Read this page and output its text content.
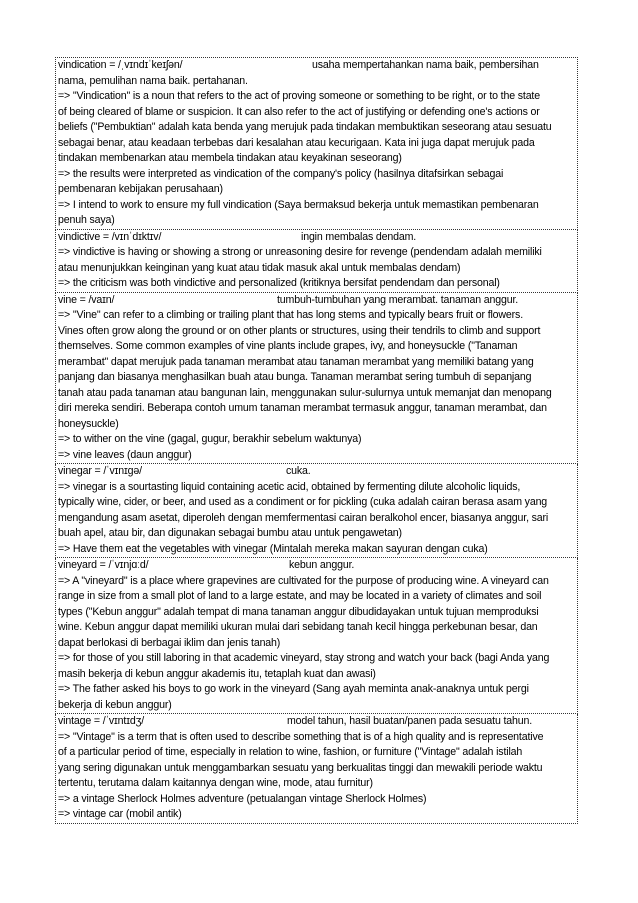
vindication = /ˌvɪndɪˈkeɪʃən/	usaha mempertahankan nama baik, pembersihan
nama, pemulihan nama baik. pertahanan.
=> "Vindication" is a noun that refers to the act of proving someone or something to be right, or to the state
of being cleared of blame or suspicion. It can also refer to the act of justifying or defending one's actions or
beliefs ("Pembuktian" adalah kata benda yang merujuk pada tindakan membuktikan seseorang atau sesuatu
sebagai benar, atau keadaan terbebas dari kesalahan atau kecurigaan. Kata ini juga dapat merujuk pada
tindakan membenarkan atau membela tindakan atau keyakinan seseorang)
=> the results were interpreted as vindication of the company's policy (hasilnya ditafsirkan sebagai
pembenaran kebijakan perusahaan)
=> I intend to work to ensure my full vindication (Saya bermaksud bekerja untuk memastikan pembenaran
penuh saya)
vindictive = /vɪnˈdɪktɪv/	ingin membalas dendam.
=> vindictive is having or showing a strong or unreasoning desire for revenge (pendendam adalah memiliki
atau menunjukkan keinginan yang kuat atau tidak masuk akal untuk membalas dendam)
=> the criticism was both vindictive and personalized (kritiknya bersifat pendendam dan personal)
vine = /vaɪn/	tumbuh-tumbuhan yang merambat. tanaman anggur.
=> "Vine" can refer to a climbing or trailing plant that has long stems and typically bears fruit or flowers.
Vines often grow along the ground or on other plants or structures, using their tendrils to climb and support
themselves. Some common examples of vine plants include grapes, ivy, and honeysuckle ("Tanaman
merambat" dapat merujuk pada tanaman merambat atau tanaman merambat yang memiliki batang yang
panjang dan biasanya menghasilkan buah atau bunga. Tanaman merambat sering tumbuh di sepanjang
tanah atau pada tanaman atau bangunan lain, menggunakan sulur-sulurnya untuk memanjat dan menopang
diri mereka sendiri. Beberapa contoh umum tanaman merambat termasuk anggur, tanaman merambat, dan
honeysuckle)
=> to wither on the vine (gagal, gugur, berakhir sebelum waktunya)
=> vine leaves (daun anggur)
vinegar = /ˈvɪnɪɡə/	cuka.
=> vinegar is a sourtasting liquid containing acetic acid, obtained by fermenting dilute alcoholic liquids,
typically wine, cider, or beer, and used as a condiment or for pickling (cuka adalah cairan berasa asam yang
mengandung asam asetat, diperoleh dengan memfermentasi cairan beralkohol encer, biasanya anggur, sari
buah apel, atau bir, dan digunakan sebagai bumbu atau untuk pengawetan)
=> Have them eat the vegetables with vinegar (Mintalah mereka makan sayuran dengan cuka)
vineyard = /ˈvɪnjɑːd/	kebun anggur.
=> A "vineyard" is a place where grapevines are cultivated for the purpose of producing wine. A vineyard can
range in size from a small plot of land to a large estate, and may be located in a variety of climates and soil
types ("Kebun anggur" adalah tempat di mana tanaman anggur dibudidayakan untuk tujuan memproduksi
wine. Kebun anggur dapat memiliki ukuran mulai dari sebidang tanah kecil hingga perkebunan besar, dan
dapat berlokasi di berbagai iklim dan jenis tanah)
=> for those of you still laboring in that academic vineyard, stay strong and watch your back (bagi Anda yang
masih bekerja di kebun anggur akademis itu, tetaplah kuat dan awasi)
=> The father asked his boys to go work in the vineyard (Sang ayah meminta anak-anaknya untuk pergi
bekerja di kebun anggur)
vintage = /ˈvɪntɪdʒ/	model tahun, hasil buatan/panen pada sesuatu tahun.
=> "Vintage" is a term that is often used to describe something that is of a high quality and is representative
of a particular period of time, especially in relation to wine, fashion, or furniture ("Vintage" adalah istilah
yang sering digunakan untuk menggambarkan sesuatu yang berkualitas tinggi dan mewakili periode waktu
tertentu, terutama dalam kaitannya dengan wine, mode, atau furnitur)
=> a vintage Sherlock Holmes adventure (petualangan vintage Sherlock Holmes)
=> vintage car (mobil antik)
